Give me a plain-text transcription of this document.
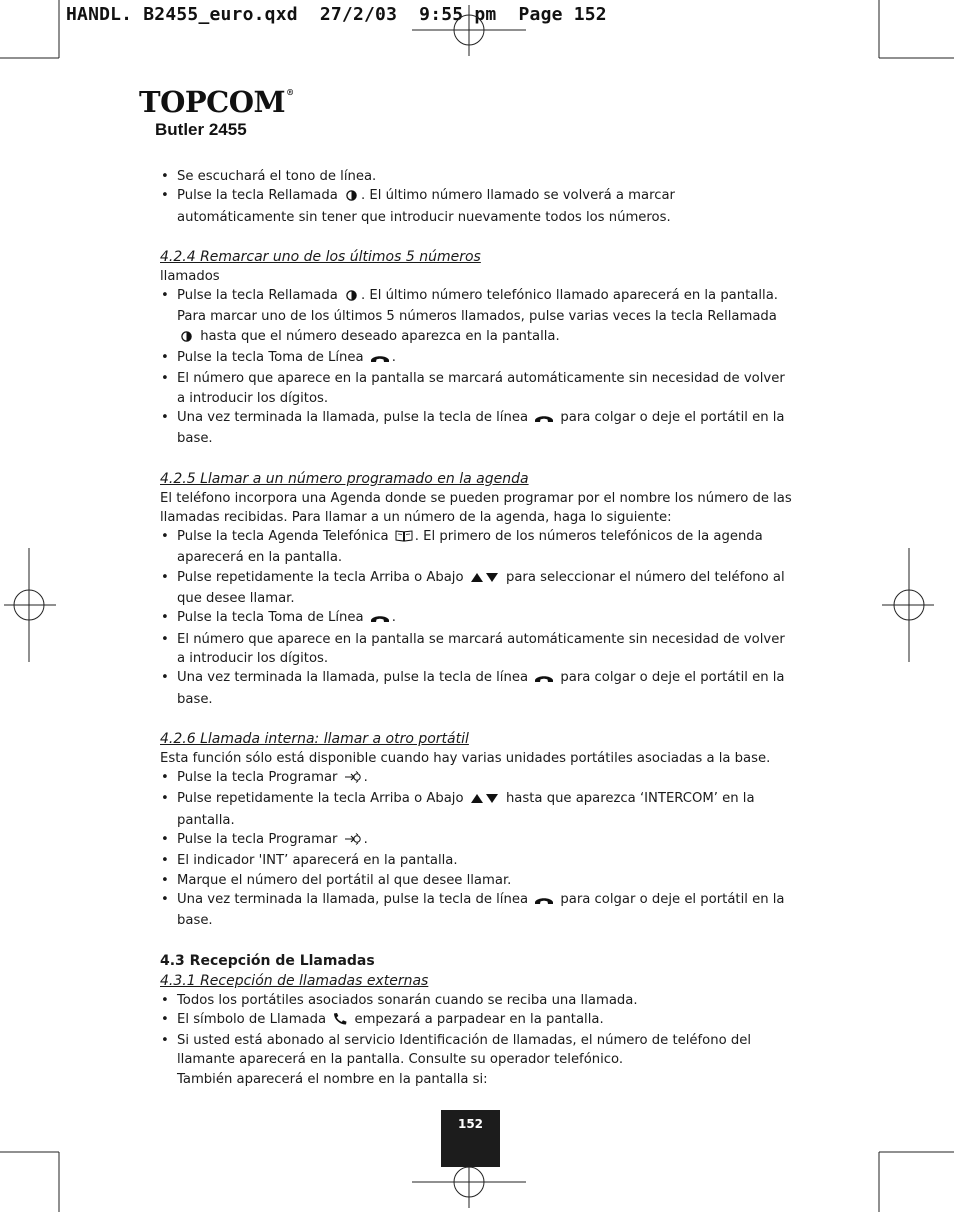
HANDL. B2455_euro.qxd  27/2/03  9:55 pm  Page 152
TOPCOM®
Butler 2455
• Se escuchará el tono de línea.
• Pulse la tecla Rellamada . El último número llamado se volverá a marcar automáticamente sin tener que introducir nuevamente todos los números.
4.2.4 Remarcar uno de los últimos 5 números

llamados

• Pulse la tecla Rellamada . El último número telefónico llamado aparecerá en la pantalla. Para marcar uno de los últimos 5 números llamados, pulse varias veces la tecla Rellamada  hasta que el número deseado aparezca en la pantalla.
• Pulse la tecla Toma de Línea .
• El número que aparece en la pantalla se marcará automáticamente sin necesidad de volver a introducir los dígitos.
• Una vez terminada la llamada, pulse la tecla de línea  para colgar o deje el portátil en la base.
4.2.5 Llamar a un número programado en la agenda

El teléfono incorpora una Agenda donde se pueden programar por el nombre los número de las llamadas recibidas. Para llamar a un número de la agenda, haga lo siguiente:

• Pulse la tecla Agenda Telefónica . El primero de los números telefónicos de la agenda aparecerá en la pantalla.
• Pulse repetidamente la tecla Arriba o Abajo	para seleccionar el número del teléfono al que desee llamar.
• Pulse la tecla Toma de Línea .
• El número que aparece en la pantalla se marcará automáticamente sin necesidad de volver a introducir los dígitos.
• Una vez terminada la llamada, pulse la tecla de línea  para colgar o deje el portátil en la base.
4.2.6 Llamada interna: llamar a otro portátil

Esta función sólo está disponible cuando hay varias unidades portátiles asociadas a la base.

• Pulse la tecla Programar .
• Pulse repetidamente la tecla Arriba o Abajo	hasta que aparezca ‘INTERCOM’ en la pantalla.
• Pulse la tecla Programar .
• El indicador 'INT’ aparecerá en la pantalla.
• Marque el número del portátil al que desee llamar.
• Una vez terminada la llamada, pulse la tecla de línea  para colgar o deje el portátil en la base.
4.3 Recepción de Llamadas
4.3.1 Recepción de llamadas externas
• Todos los portátiles asociados sonarán cuando se reciba una llamada.
• El símbolo de Llamada  empezará a parpadear en la pantalla.
• Si usted está abonado al servicio Identificación de llamadas, el número de teléfono del llamante aparecerá en la pantalla. Consulte su operador telefónico.

También aparecerá el nombre en la pantalla si:

152
